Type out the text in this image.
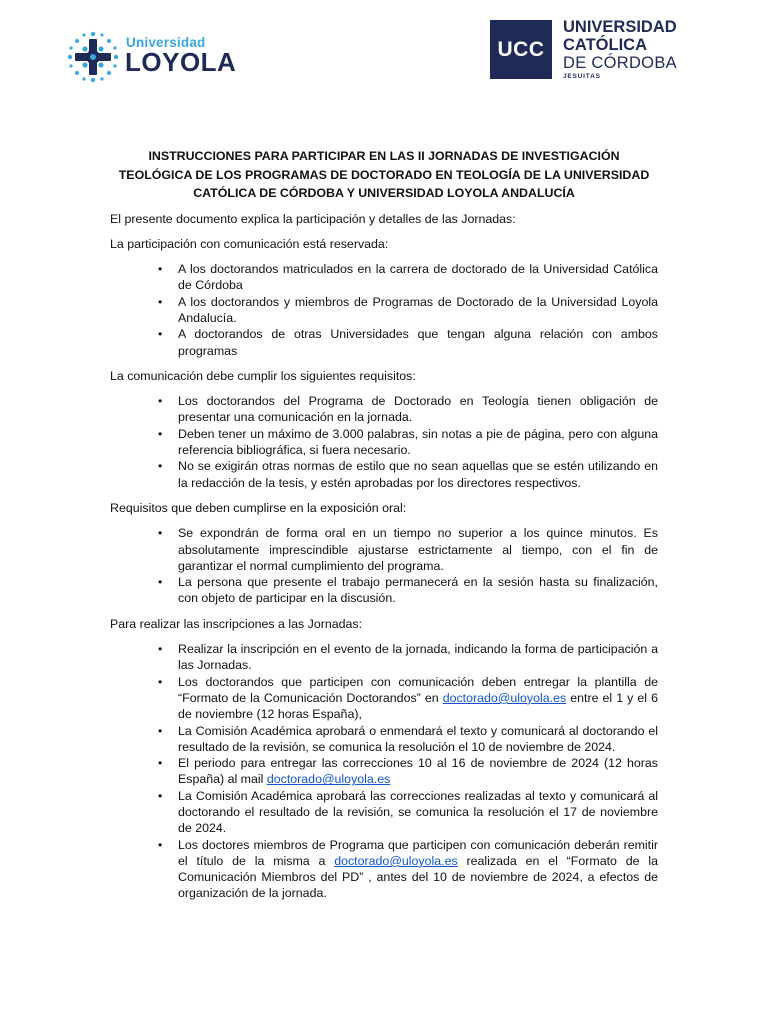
Universidad
LOYOLA	UCC
UNIVERSIDAD
CATÓLICA
DE CÓRDOBA
JESUITAS
INSTRUCCIONES PARA PARTICIPAR EN LAS II JORNADAS DE INVESTIGACIÓN
TEOLÓGICA DE LOS PROGRAMAS DE DOCTORADO EN TEOLOGÍA DE LA UNIVERSIDAD
CATÓLICA DE CÓRDOBA Y UNIVERSIDAD LOYOLA ANDALUCÍA

El presente documento explica la participación y detalles de las Jornadas:

La participación con comunicación está reservada:

• A los doctorandos matriculados en la carrera de doctorado de la Universidad Católica de Córdoba
• A los doctorandos y miembros de Programas de Doctorado de la Universidad Loyola Andalucía.
• A doctorandos de otras Universidades que tengan alguna relación con ambos programas

La comunicación debe cumplir los siguientes requisitos:

• Los doctorandos del Programa de Doctorado en Teología tienen obligación de presentar una comunicación en la jornada.
• Deben tener un máximo de 3.000 palabras, sin notas a pie de página, pero con alguna referencia bibliográfica, si fuera necesario.
• No se exigirán otras normas de estilo que no sean aquellas que se estén utilizando en la redacción de la tesis, y estén aprobadas por los directores respectivos.

Requisitos que deben cumplirse en la exposición oral:

• Se expondrán de forma oral en un tiempo no superior a los quince minutos. Es absolutamente imprescindible ajustarse estrictamente al tiempo, con el fin de garantizar el normal cumplimiento del programa.
• La persona que presente el trabajo permanecerá en la sesión hasta su finalización, con objeto de participar en la discusión.

Para realizar las inscripciones a las Jornadas:

• Realizar la inscripción en el evento de la jornada, indicando la forma de participación a las Jornadas.
• Los doctorandos que participen con comunicación deben entregar la plantilla de “Formato de la Comunicación Doctorandos” en doctorado@uloyola.es entre el 1 y el 6 de noviembre (12 horas España),
• La Comisión Académica aprobará o enmendará el texto y comunicará al doctorando el resultado de la revisión, se comunica la resolución el 10 de noviembre de 2024.
• El periodo para entregar las correcciones 10 al 16 de noviembre de 2024 (12 horas España) al mail doctorado@uloyola.es
• La Comisión Académica aprobará las correcciones realizadas al texto y comunicará al doctorando el resultado de la revisión, se comunica la resolución el 17 de noviembre de 2024.
• Los doctores miembros de Programa que participen con comunicación deberán remitir el título de la misma a doctorado@uloyola.es realizada en el “Formato de la Comunicación Miembros del PD” , antes del 10 de noviembre de 2024, a efectos de organización de la jornada.
